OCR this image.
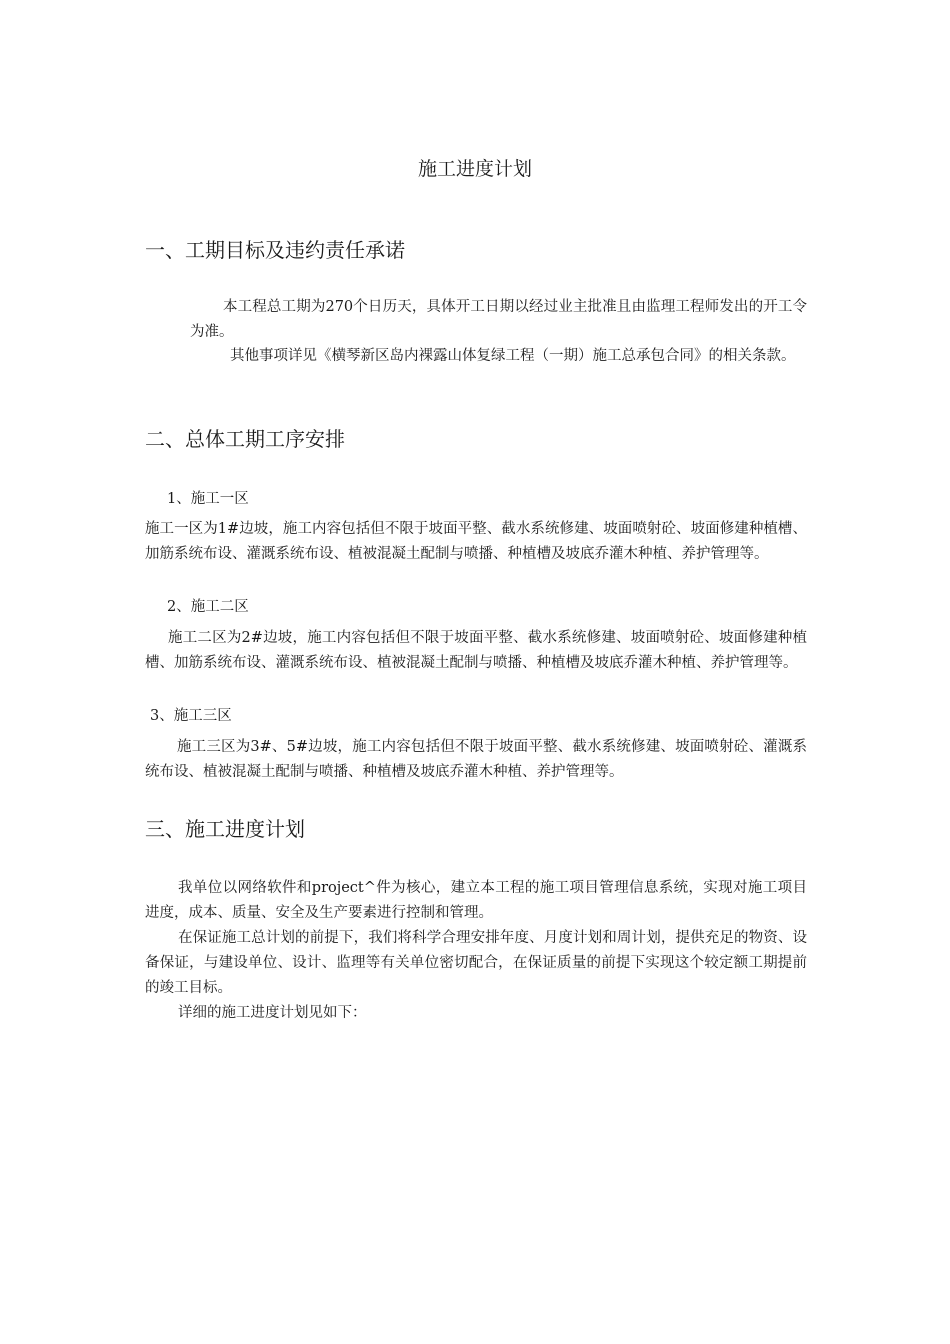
施工进度计划
一、工期目标及违约责任承诺
本工程总工期为270个日历天，具体开工日期以经过业主批准且由监理工程师发出的开工令为准。
其他事项详见《横琴新区岛内裸露山体复绿工程（一期）施工总承包合同》的相关条款。
二、总体工期工序安排
1、施工一区
施工一区为1#边坡，施工内容包括但不限于坡面平整、截水系统修建、坡面喷射砼、坡面修建种植槽、加筋系统布设、灌溉系统布设、植被混凝土配制与喷播、种植槽及坡底乔灌木种植、养护管理等。
2、施工二区
施工二区为2#边坡，施工内容包括但不限于坡面平整、截水系统修建、坡面喷射砼、坡面修建种植槽、加筋系统布设、灌溉系统布设、植被混凝土配制与喷播、种植槽及坡底乔灌木种植、养护管理等。
3、施工三区
施工三区为3#、5#边坡，施工内容包括但不限于坡面平整、截水系统修建、坡面喷射砼、灌溉系统布设、植被混凝土配制与喷播、种植槽及坡底乔灌木种植、养护管理等。
三、施工进度计划
我单位以网络软件和project^件为核心，建立本工程的施工项目管理信息系统，实现对施工项目进度，成本、质量、安全及生产要素进行控制和管理。
在保证施工总计划的前提下，我们将科学合理安排年度、月度计划和周计划，提供充足的物资、设备保证，与建设单位、设计、监理等有关单位密切配合，在保证质量的前提下实现这个较定额工期提前的竣工目标。
详细的施工进度计划见如下：
